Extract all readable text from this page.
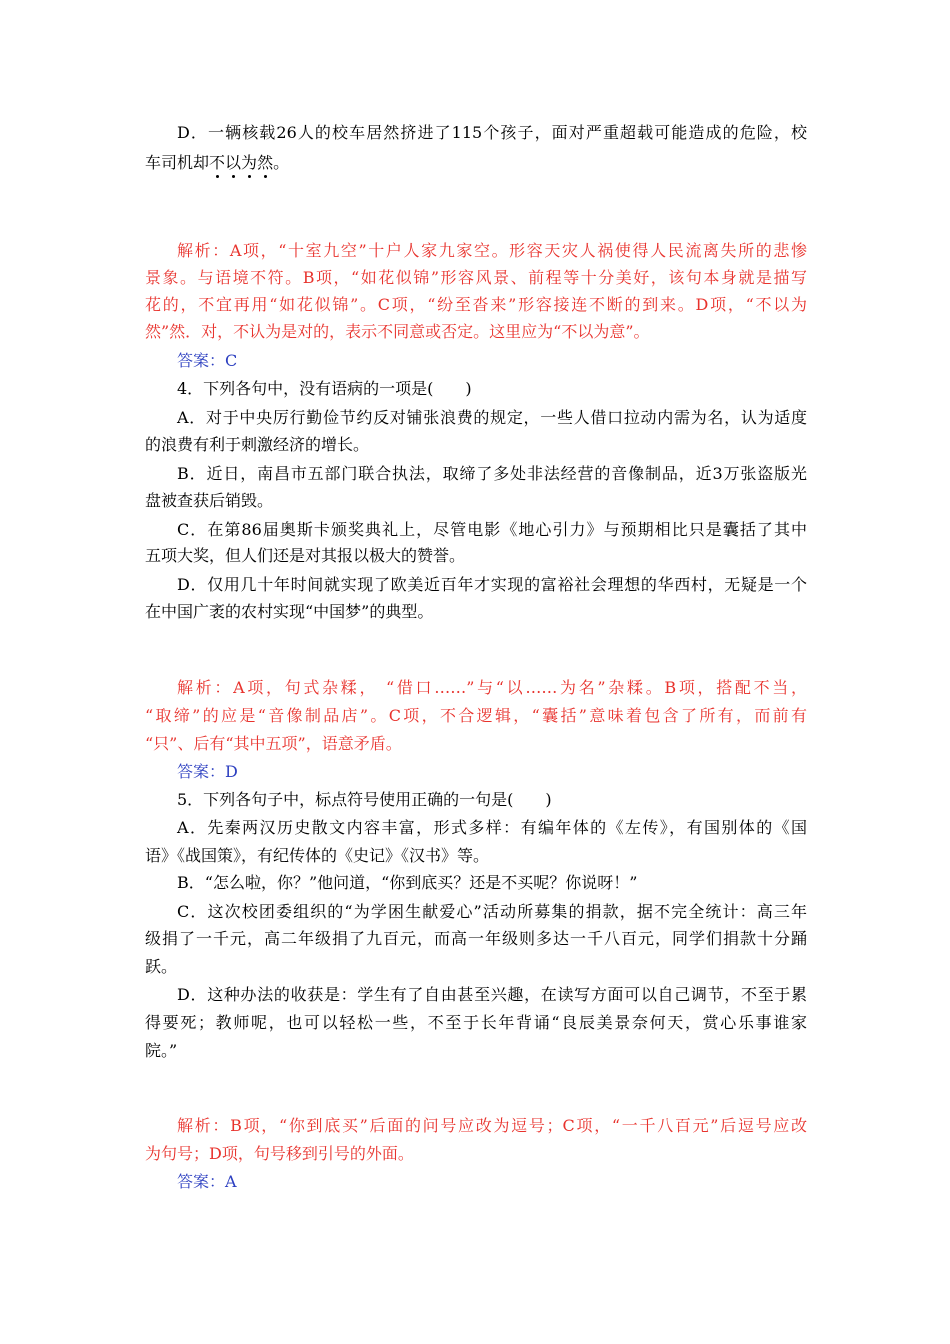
D．一辆核载26人的校车居然挤进了115个孩子，面对严重超载可能造成的危险，校
车司机却不以为然。
解析：A项，“十室九空”十户人家九家空。形容天灾人祸使得人民流离失所的悲惨
景象。与语境不符。B项，“如花似锦”形容风景、前程等十分美好，该句本身就是描写
花的，不宜再用“如花似锦”。C项，“纷至沓来”形容接连不断的到来。D项，“不以为
然”然．对，不认为是对的，表示不同意或否定。这里应为“不以为意”。
答案：C
4．下列各句中，没有语病的一项是(　　)
A．对于中央厉行勤俭节约反对铺张浪费的规定，一些人借口拉动内需为名，认为适度
的浪费有利于刺激经济的增长。
B．近日，南昌市五部门联合执法，取缔了多处非法经营的音像制品，近3万张盗版光
盘被查获后销毁。
C．在第86届奥斯卡颁奖典礼上，尽管电影《地心引力》与预期相比只是囊括了其中
五项大奖，但人们还是对其报以极大的赞誉。
D．仅用几十年时间就实现了欧美近百年才实现的富裕社会理想的华西村，无疑是一个
在中国广袤的农村实现“中国梦”的典型。
解析：A项，句式杂糅， “借口……”与“以……为名”杂糅。B项，搭配不当，
“取缔”的应是“音像制品店”。C项，不合逻辑，“囊括”意味着包含了所有，而前有
“只”、后有“其中五项”，语意矛盾。
答案：D
5．下列各句子中，标点符号使用正确的一句是(　　)
A．先秦两汉历史散文内容丰富，形式多样：有编年体的《左传》，有国别体的《国
语》《战国策》，有纪传体的《史记》《汉书》等。
B．“怎么啦，你？”他问道，“你到底买？还是不买呢？你说呀！”
C．这次校团委组织的“为学困生献爱心”活动所募集的捐款，据不完全统计：高三年
级捐了一千元，高二年级捐了九百元，而高一年级则多达一千八百元，同学们捐款十分踊
跃。
D．这种办法的收获是：学生有了自由甚至兴趣，在读写方面可以自己调节，不至于累
得要死；教师呢，也可以轻松一些，不至于长年背诵“良辰美景奈何天，赏心乐事谁家
院。”
解析：B项，“你到底买”后面的问号应改为逗号；C项，“一千八百元”后逗号应改
为句号；D项，句号移到引号的外面。
答案：A
